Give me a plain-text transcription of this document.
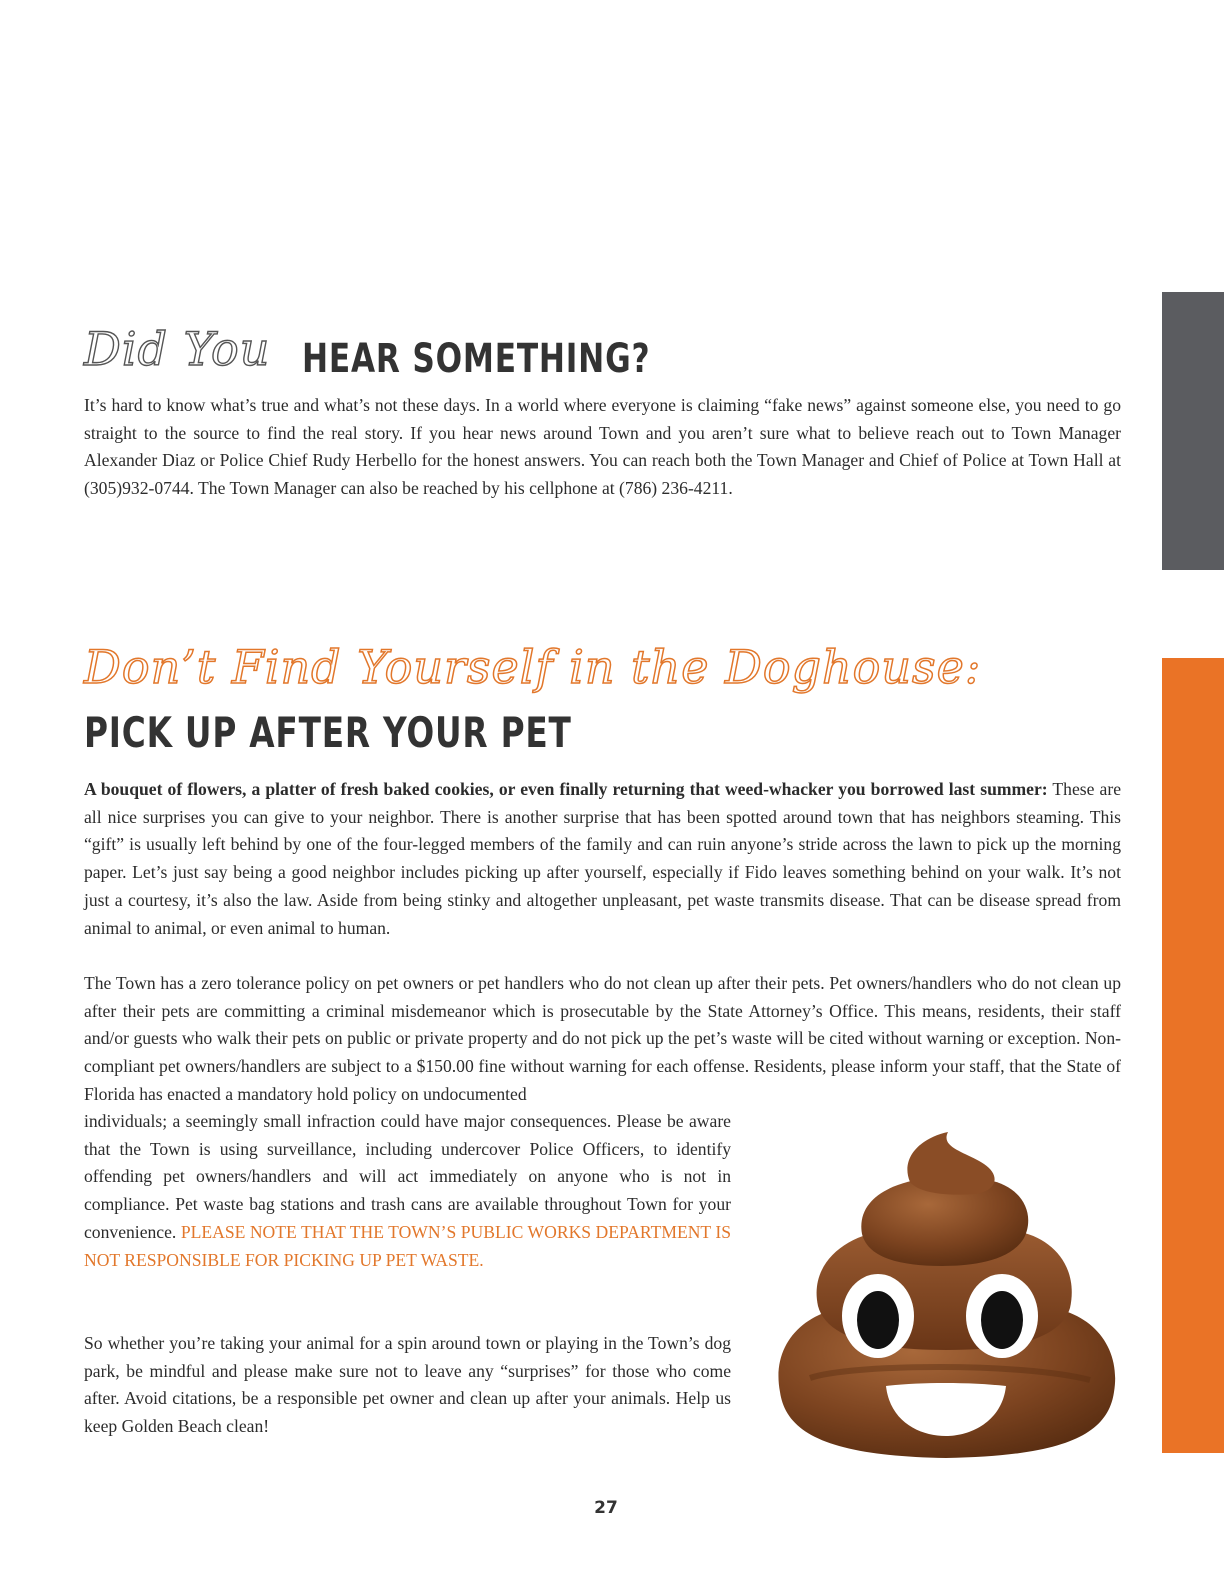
Did You HEAR SOMETHING?
It’s hard to know what’s true and what’s not these days. In a world where everyone is claiming “fake news” against someone else, you need to go straight to the source to find the real story. If you hear news around Town and you aren’t sure what to believe reach out to Town Manager Alexander Diaz or Police Chief Rudy Herbello for the honest answers. You can reach both the Town Manager and Chief of Police at Town Hall at (305)932-0744. The Town Manager can also be reached by his cellphone at (786) 236-4211.
Don’t Find Yourself in the Doghouse:
PICK UP AFTER YOUR PET
A bouquet of flowers, a platter of fresh baked cookies, or even finally returning that weed-whacker you borrowed last summer: These are all nice surprises you can give to your neighbor. There is another surprise that has been spotted around town that has neighbors steaming. This “gift” is usually left behind by one of the four-legged members of the family and can ruin anyone’s stride across the lawn to pick up the morning paper. Let’s just say being a good neighbor includes picking up after yourself, especially if Fido leaves something behind on your walk. It’s not just a courtesy, it’s also the law. Aside from being stinky and altogether unpleasant, pet waste transmits disease. That can be disease spread from animal to animal, or even animal to human.
The Town has a zero tolerance policy on pet owners or pet handlers who do not clean up after their pets. Pet owners/handlers who do not clean up after their pets are committing a criminal misdemeanor which is prosecutable by the State Attorney’s Office. This means, residents, their staff and/or guests who walk their pets on public or private property and do not pick up the pet’s waste will be cited without warning or exception. Non-compliant pet owners/handlers are subject to a $150.00 fine without warning for each offense. Residents, please inform your staff, that the State of Florida has enacted a mandatory hold policy on undocumented
individuals; a seemingly small infraction could have major consequences. Please be aware that the Town is using surveillance, including undercover Police Officers, to identify offending pet owners/handlers and will act immediately on anyone who is not in compliance. Pet waste bag stations and trash cans are available throughout Town for your convenience. PLEASE NOTE THAT THE TOWN’S PUBLIC WORKS DEPARTMENT IS NOT RESPONSIBLE FOR PICKING UP PET WASTE.
So whether you’re taking your animal for a spin around town or playing in the Town’s dog park, be mindful and please make sure not to leave any “surprises” for those who come after. Avoid citations, be a responsible pet owner and clean up after your animals. Help us keep Golden Beach clean!
27
